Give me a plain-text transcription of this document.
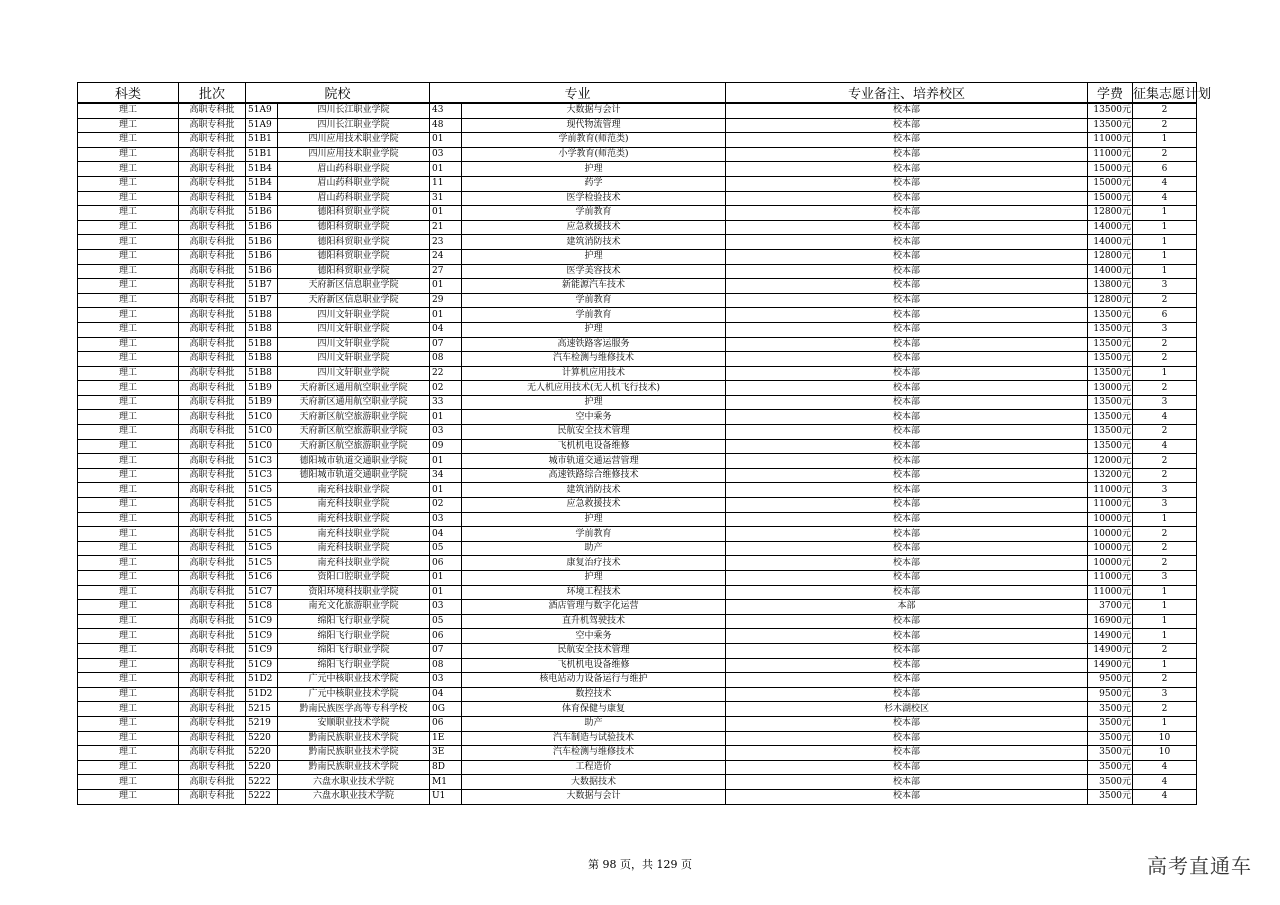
科类	批次	院校		专业		专业备注、培养校区	学费	征集志愿计划
理工	高职专科批	51A9	四川长江职业学院	43	大数据与会计	校本部	13500元	2
理工	高职专科批	51A9	四川长江职业学院	48	现代物流管理	校本部	13500元	2
理工	高职专科批	51B1	四川应用技术职业学院	01	学前教育(师范类)	校本部	11000元	1
理工	高职专科批	51B1	四川应用技术职业学院	03	小学教育(师范类)	校本部	11000元	2
理工	高职专科批	51B4	眉山药科职业学院	01	护理	校本部	15000元	6
理工	高职专科批	51B4	眉山药科职业学院	11	药学	校本部	15000元	4
理工	高职专科批	51B4	眉山药科职业学院	31	医学检验技术	校本部	15000元	4
理工	高职专科批	51B6	德阳科贸职业学院	01	学前教育	校本部	12800元	1
理工	高职专科批	51B6	德阳科贸职业学院	21	应急救援技术	校本部	14000元	1
理工	高职专科批	51B6	德阳科贸职业学院	23	建筑消防技术	校本部	14000元	1
理工	高职专科批	51B6	德阳科贸职业学院	24	护理	校本部	12800元	1
理工	高职专科批	51B6	德阳科贸职业学院	27	医学美容技术	校本部	14000元	1
理工	高职专科批	51B7	天府新区信息职业学院	01	新能源汽车技术	校本部	13800元	3
理工	高职专科批	51B7	天府新区信息职业学院	29	学前教育	校本部	12800元	2
理工	高职专科批	51B8	四川文轩职业学院	01	学前教育	校本部	13500元	6
理工	高职专科批	51B8	四川文轩职业学院	04	护理	校本部	13500元	3
理工	高职专科批	51B8	四川文轩职业学院	07	高速铁路客运服务	校本部	13500元	2
理工	高职专科批	51B8	四川文轩职业学院	08	汽车检测与维修技术	校本部	13500元	2
理工	高职专科批	51B8	四川文轩职业学院	22	计算机应用技术	校本部	13500元	1
理工	高职专科批	51B9	天府新区通用航空职业学院	02	无人机应用技术(无人机飞行技术)	校本部	13000元	2
理工	高职专科批	51B9	天府新区通用航空职业学院	33	护理	校本部	13500元	3
理工	高职专科批	51C0	天府新区航空旅游职业学院	01	空中乘务	校本部	13500元	4
理工	高职专科批	51C0	天府新区航空旅游职业学院	03	民航安全技术管理	校本部	13500元	2
理工	高职专科批	51C0	天府新区航空旅游职业学院	09	飞机机电设备维修	校本部	13500元	4
理工	高职专科批	51C3	德阳城市轨道交通职业学院	01	城市轨道交通运营管理	校本部	12000元	2
理工	高职专科批	51C3	德阳城市轨道交通职业学院	34	高速铁路综合维修技术	校本部	13200元	2
理工	高职专科批	51C5	南充科技职业学院	01	建筑消防技术	校本部	11000元	3
理工	高职专科批	51C5	南充科技职业学院	02	应急救援技术	校本部	11000元	3
理工	高职专科批	51C5	南充科技职业学院	03	护理	校本部	10000元	1
理工	高职专科批	51C5	南充科技职业学院	04	学前教育	校本部	10000元	2
理工	高职专科批	51C5	南充科技职业学院	05	助产	校本部	10000元	2
理工	高职专科批	51C5	南充科技职业学院	06	康复治疗技术	校本部	10000元	2
理工	高职专科批	51C6	资阳口腔职业学院	01	护理	校本部	11000元	3
理工	高职专科批	51C7	资阳环境科技职业学院	01	环境工程技术	校本部	11000元	1
理工	高职专科批	51C8	南充文化旅游职业学院	03	酒店管理与数字化运营	本部	3700元	1
理工	高职专科批	51C9	绵阳飞行职业学院	05	直升机驾驶技术	校本部	16900元	1
理工	高职专科批	51C9	绵阳飞行职业学院	06	空中乘务	校本部	14900元	1
理工	高职专科批	51C9	绵阳飞行职业学院	07	民航安全技术管理	校本部	14900元	2
理工	高职专科批	51C9	绵阳飞行职业学院	08	飞机机电设备维修	校本部	14900元	1
理工	高职专科批	51D2	广元中核职业技术学院	03	核电站动力设备运行与维护	校本部	9500元	2
理工	高职专科批	51D2	广元中核职业技术学院	04	数控技术	校本部	9500元	3
理工	高职专科批	5215	黔南民族医学高等专科学校	0G	体育保健与康复	杉木湖校区	3500元	2
理工	高职专科批	5219	安顺职业技术学院	06	助产	校本部	3500元	1
理工	高职专科批	5220	黔南民族职业技术学院	1E	汽车制造与试验技术	校本部	3500元	10
理工	高职专科批	5220	黔南民族职业技术学院	3E	汽车检测与维修技术	校本部	3500元	10
理工	高职专科批	5220	黔南民族职业技术学院	8D	工程造价	校本部	3500元	4
理工	高职专科批	5222	六盘水职业技术学院	M1	大数据技术	校本部	3500元	4
理工	高职专科批	5222	六盘水职业技术学院	U1	大数据与会计	校本部	3500元	4
第 98 页，共 129 页	高考直通车
